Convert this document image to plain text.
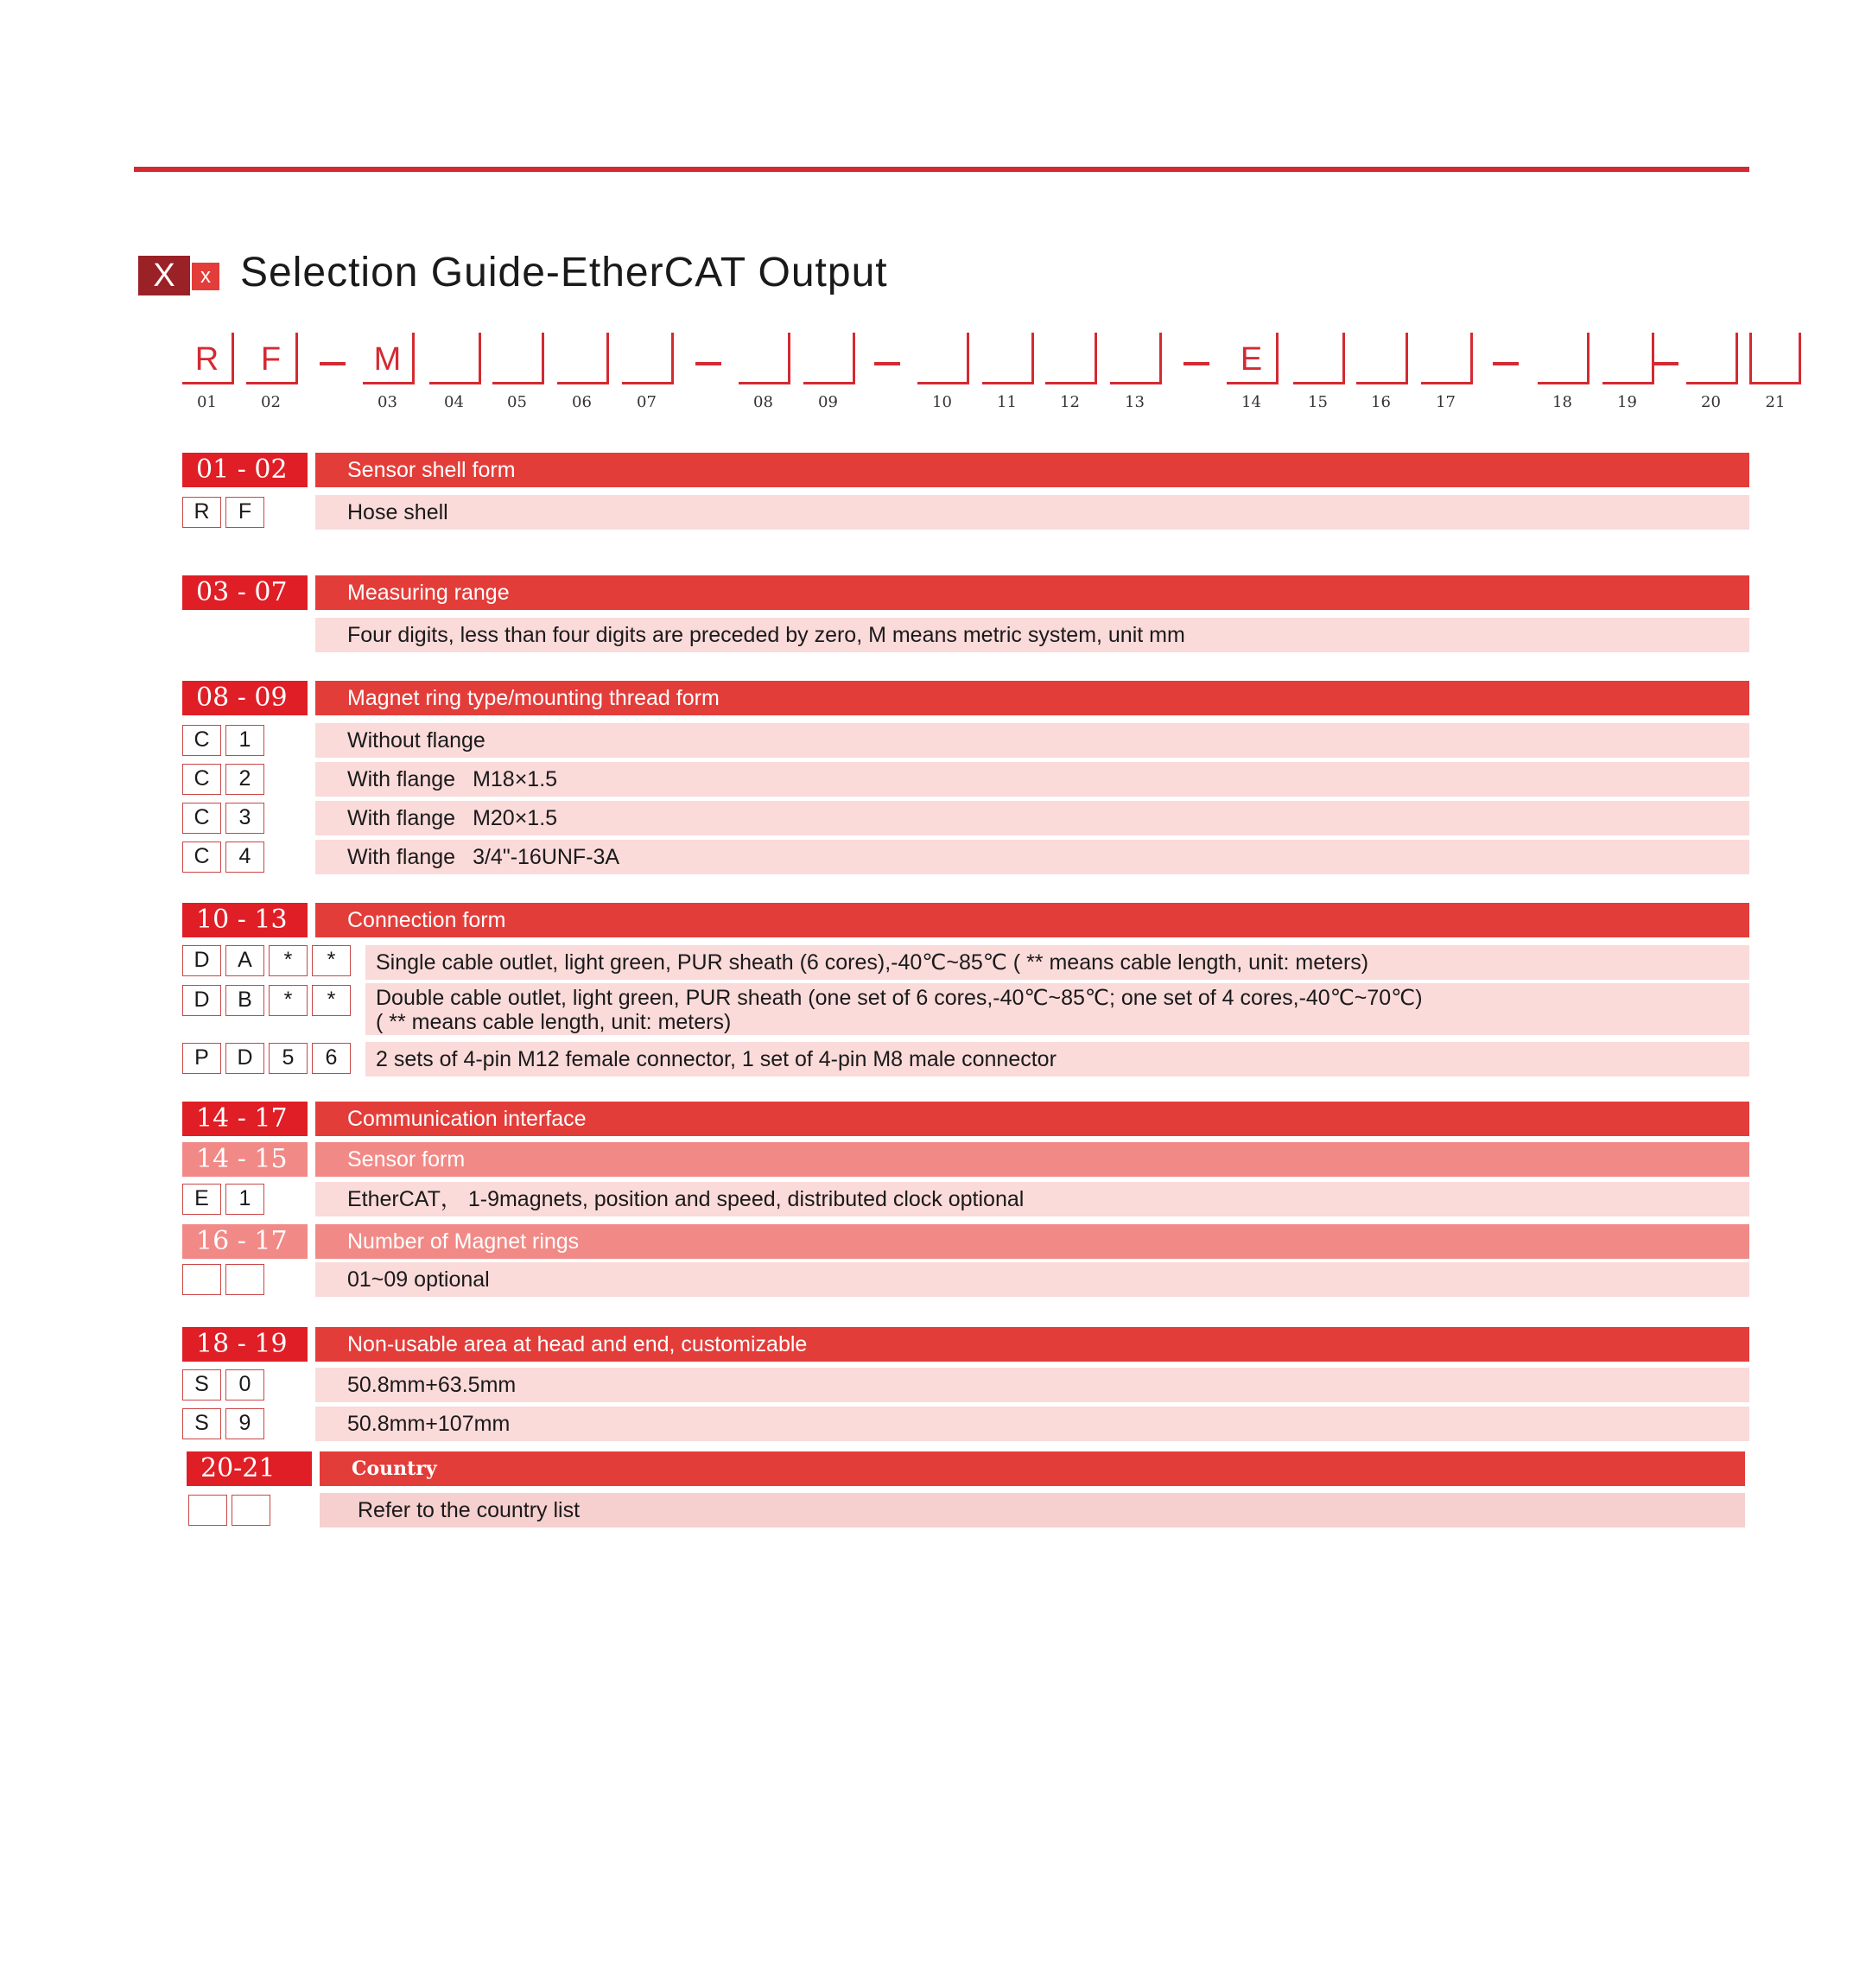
X	x Selection Guide-EtherCAT Output
R
01
F
02
M
03	04	05	06	07	08	09	10	11	12	13
E
14	15	16	17	18	19	20	21
01 - 02	Sensor shell form
R	F	Hose shell
03 - 07	Measuring range
Four digits, less than four digits are preceded by zero, M means metric system, unit mm
08 - 09	Magnet ring type/mounting thread form
C	1	Without flange
C	2	With flange M18×1.5
C	3	With flange M20×1.5
C	4	With flange 3/4"-16UNF-3A
10 - 13	Connection form
D	A	*	*	Single cable outlet, light green, PUR sheath (6 cores),-40℃~85℃ ( ** means cable length, unit: meters)
D	B	*	*	Double cable outlet, light green, PUR sheath (one set of 6 cores,-40℃~85℃; one set of 4 cores,-40℃~70℃)
( ** means cable length, unit: meters)
P	D	5	6	2 sets of 4-pin M12 female connector, 1 set of 4-pin M8 male connector
14 - 17	Communication interface
14 - 15	Sensor form
E	1	EtherCAT， 1-9magnets, position and speed, distributed clock optional
16 - 17	Number of Magnet rings
01~09 optional
18 - 19	Non-usable area at head and end, customizable
S	0	50.8mm+63.5mm
S	9	50.8mm+107mm
20-21	Country
Refer to the country list
